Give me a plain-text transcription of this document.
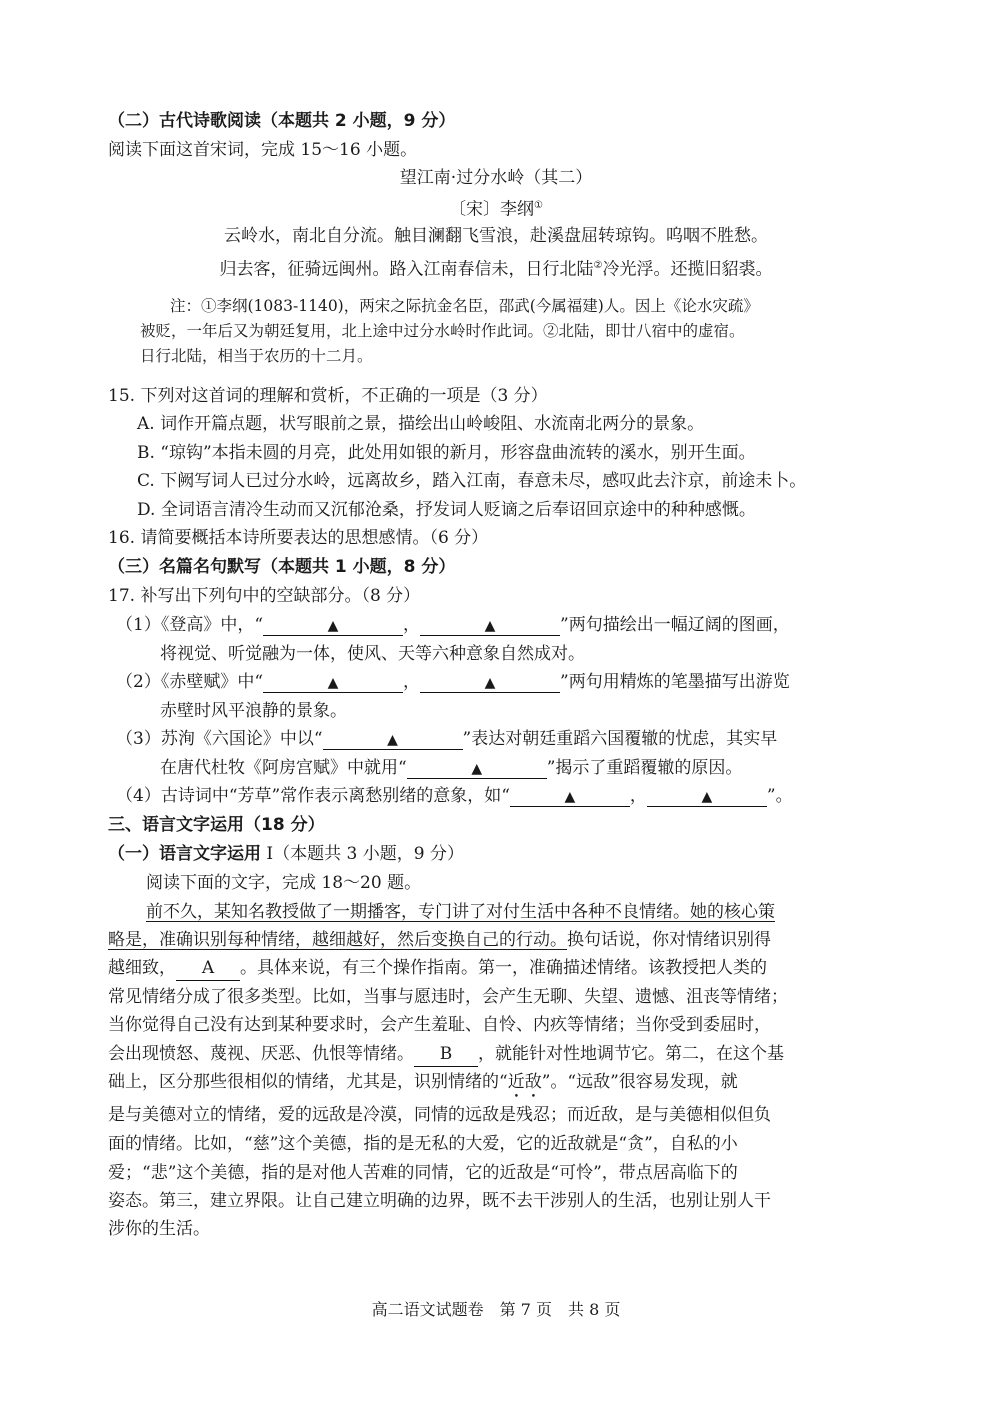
（二）古代诗歌阅读（本题共 2 小题，9 分）
阅读下面这首宋词，完成 15～16 小题。
望江南·过分水岭（其二）
〔宋〕李纲①
云岭水，南北自分流。触目澜翻飞雪浪，赴溪盘屈转琼钩。呜咽不胜愁。
归去客，征骑远闽州。路入江南春信未，日行北陆②冷光浮。还揽旧貂裘。
注：①李纲(1083-1140)，两宋之际抗金名臣，邵武(今属福建)人。因上《论水灾疏》
被贬，一年后又为朝廷复用，北上途中过分水岭时作此词。②北陆，即廿八宿中的虚宿。
日行北陆，相当于农历的十二月。
15. 下列对这首词的理解和赏析，不正确的一项是（3 分）
A. 词作开篇点题，状写眼前之景，描绘出山岭峻阻、水流南北两分的景象。
B. “琼钩”本指未圆的月亮，此处用如银的新月，形容盘曲流转的溪水，别开生面。
C. 下阙写词人已过分水岭，远离故乡，踏入江南，春意未尽，感叹此去汴京，前途未卜。
D. 全词语言清冷生动而又沉郁沧桑，抒发词人贬谪之后奉诏回京途中的种种感慨。
16. 请简要概括本诗所要表达的思想感情。（6 分）
（三）名篇名句默写（本题共 1 小题，8 分）
17. 补写出下列句中的空缺部分。（8 分）
（1）《登高》中，“	▲	，	▲	”两句描绘出一幅辽阔的图画，
将视觉、听觉融为一体，使风、天等六种意象自然成对。
（2）《赤壁赋》中“	▲	，	▲	”两句用精炼的笔墨描写出游览
赤壁时风平浪静的景象。
（3）苏洵《六国论》中以“	▲	”表达对朝廷重蹈六国覆辙的忧虑，其实早
在唐代杜牧《阿房宫赋》中就用“	▲	”揭示了重蹈覆辙的原因。
（4）古诗词中“芳草”常作表示离愁别绪的意象，如“	▲	，	▲	”。
三、语言文字运用（18 分）
（一）语言文字运用 Ⅰ（本题共 3 小题，9 分）
阅读下面的文字，完成 18～20 题。
前不久，某知名教授做了一期播客，专门讲了对付生活中各种不良情绪。她的核心策
略是，准确识别每种情绪，越细越好，然后变换自己的行动。换句话说，你对情绪识别得
越细致， A 。具体来说，有三个操作指南。第一，准确描述情绪。该教授把人类的
常见情绪分成了很多类型。比如，当事与愿违时，会产生无聊、失望、遗憾、沮丧等情绪；
当你觉得自己没有达到某种要求时，会产生羞耻、自怜、内疚等情绪；当你受到委屈时，
会出现愤怒、蔑视、厌恶、仇恨等情绪。 B ，就能针对性地调节它。第二，在这个基
础上，区分那些很相似的情绪，尤其是，识别情绪的“近敌”。“远敌”很容易发现，就
是与美德对立的情绪，爱的远敌是冷漠，同情的远敌是残忍；而近敌，是与美德相似但负
面的情绪。比如，“慈”这个美德，指的是无私的大爱，它的近敌就是“贪”，自私的小
爱；“悲”这个美德，指的是对他人苦难的同情，它的近敌是“可怜”，带点居高临下的
姿态。第三，建立界限。让自己建立明确的边界，既不去干涉别人的生活，也别让别人干
涉你的生活。
高二语文试题卷　第 7 页　共 8 页
